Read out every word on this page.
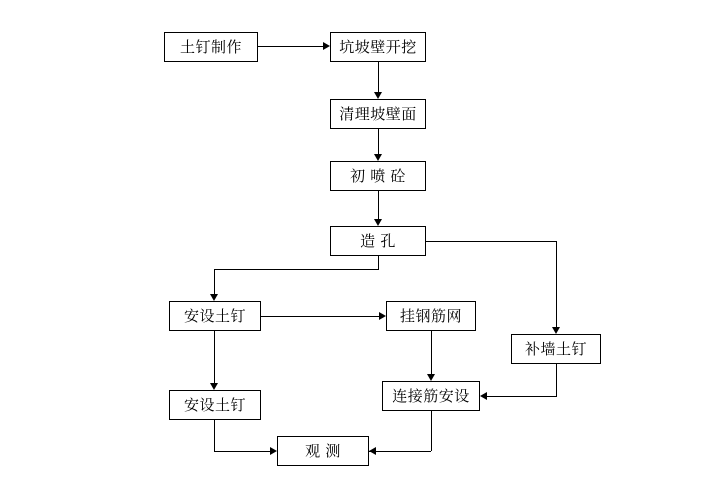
土钉制作	坑坡壁开挖
清理坡壁面
初 喷 砼
造 孔
安设土钉	挂钢筋网
补墙土钉
安设土钉
连接筋安设
观 测
